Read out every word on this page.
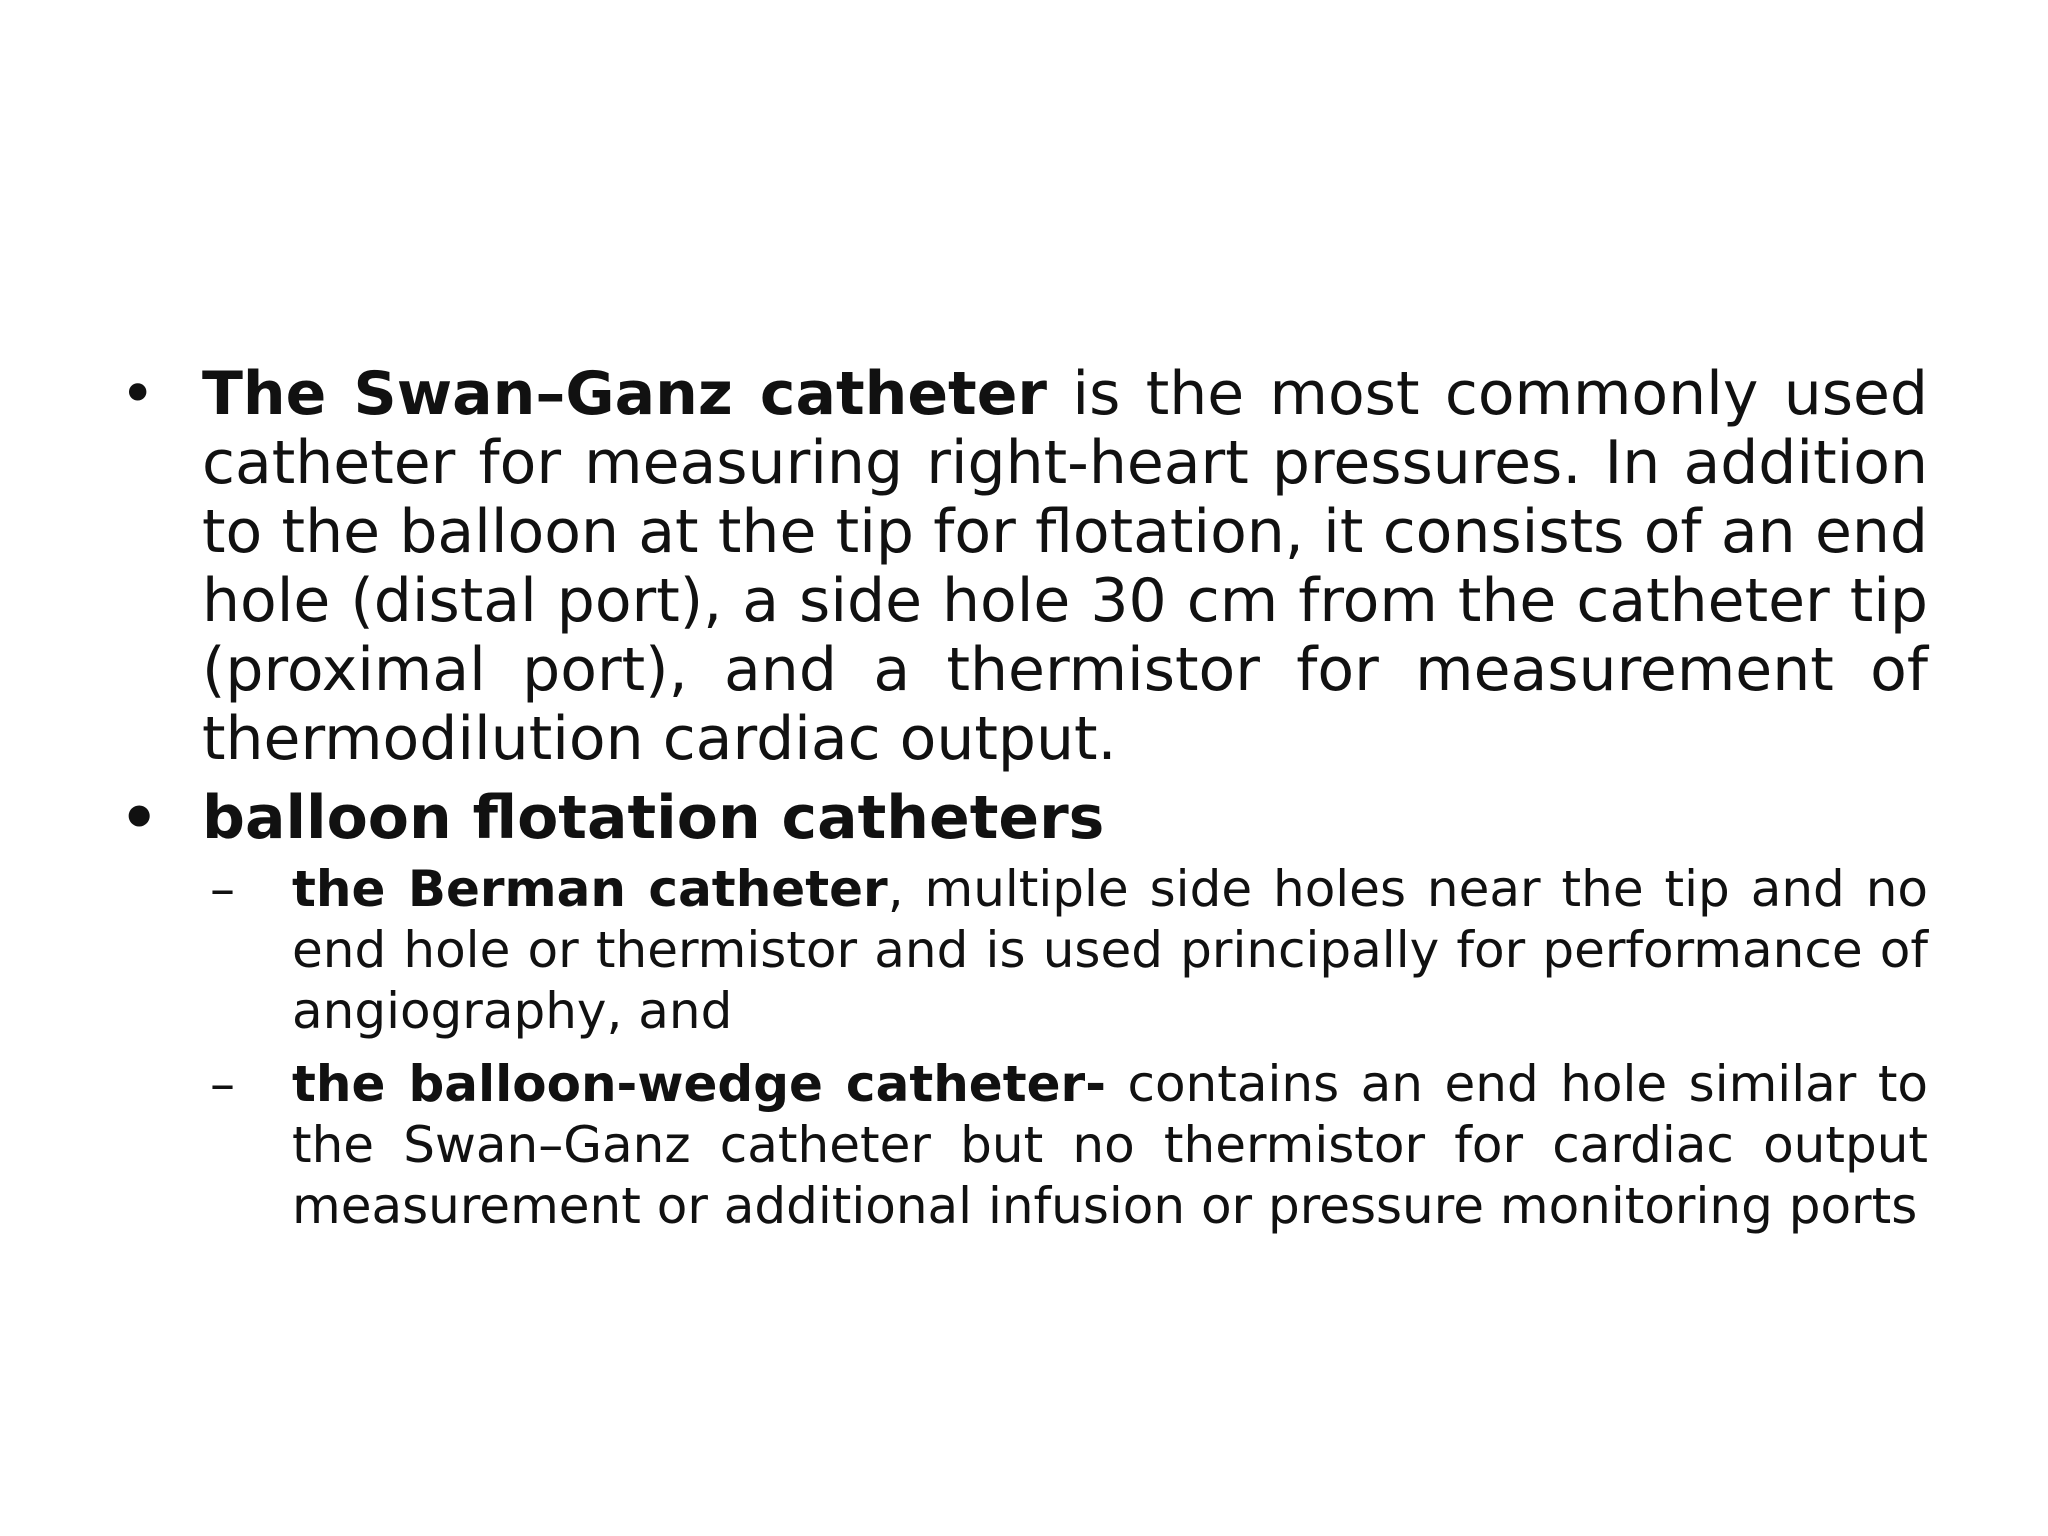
• The Swan–Ganz catheter is the most commonly used catheter for measuring right-heart pressures. In addition to the balloon at the tip for flotation, it consists of an end hole (distal port), a side hole 30 cm from the catheter tip (proximal port), and a thermistor for measurement of thermodilution cardiac output.
• balloon flotation catheters
–	the Berman catheter, multiple side holes near the tip and no end hole or thermistor and is used principally for performance of angiography, and
–	the balloon-wedge catheter- contains an end hole similar to the Swan–Ganz catheter but no thermistor for cardiac output measurement or additional infusion or pressure monitoring ports
